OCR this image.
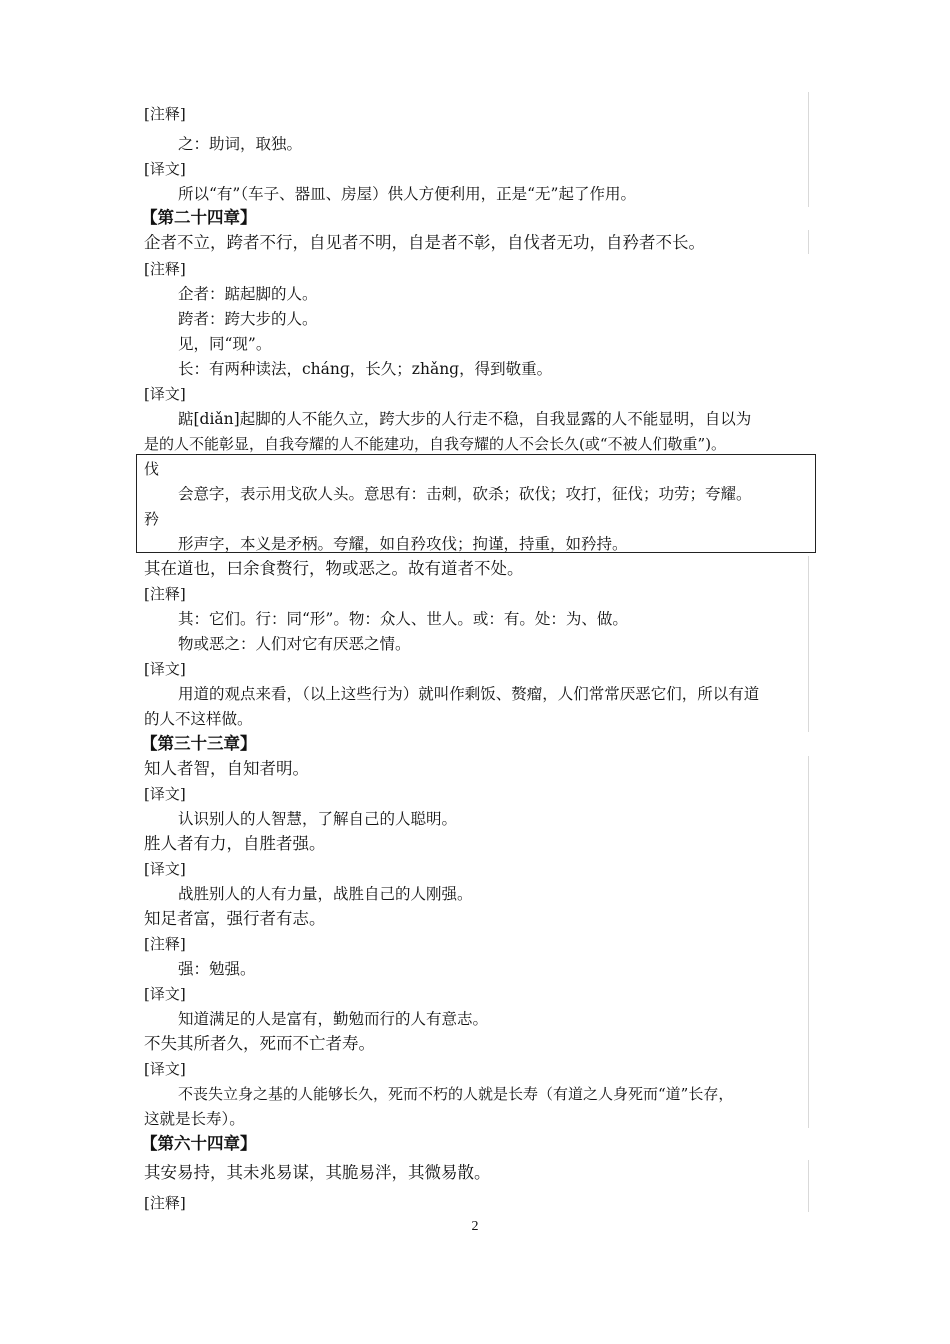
[注释]
之：助词，取独。
[译文]
所以“有”（车子、器皿、房屋）供人方便利用，正是“无”起了作用。
【第二十四章】
企者不立，跨者不行，自见者不明，自是者不彰，自伐者无功，自矜者不长。
[注释]
企者：踮起脚的人。
跨者：跨大步的人。
见，同“现”。
长：有两种读法，chánɡ，长久；zhǎnɡ，得到敬重。
[译文]
踮[diǎn]起脚的人不能久立，跨大步的人行走不稳，自我显露的人不能显明，自以为
是的人不能彰显，自我夸耀的人不能建功，自我夸耀的人不会长久(或“不被人们敬重”)。
伐
会意字，表示用戈砍人头。意思有：击刺，砍杀；砍伐；攻打，征伐；功劳；夸耀。
矜
形声字，本义是矛柄。夸耀，如自矜攻伐；拘谨，持重，如矜持。
其在道也，曰余食赘行，物或恶之。故有道者不处。
[注释]
其：它们。行：同“形”。物：众人、世人。或：有。处：为、做。
物或恶之：人们对它有厌恶之情。
[译文]
用道的观点来看，（以上这些行为）就叫作剩饭、赘瘤，人们常常厌恶它们，所以有道
的人不这样做。
【第三十三章】
知人者智，自知者明。
[译文]
认识别人的人智慧，了解自己的人聪明。
胜人者有力，自胜者强。
[译文]
战胜别人的人有力量，战胜自己的人刚强。
知足者富，强行者有志。
[注释]
强：勉强。
[译文]
知道满足的人是富有，勤勉而行的人有意志。
不失其所者久，死而不亡者寿。
[译文]
不丧失立身之基的人能够长久，死而不朽的人就是长寿（有道之人身死而“道”长存，
这就是长寿）。
【第六十四章】
其安易持，其未兆易谋，其脆易泮，其微易散。
[注释]
2
